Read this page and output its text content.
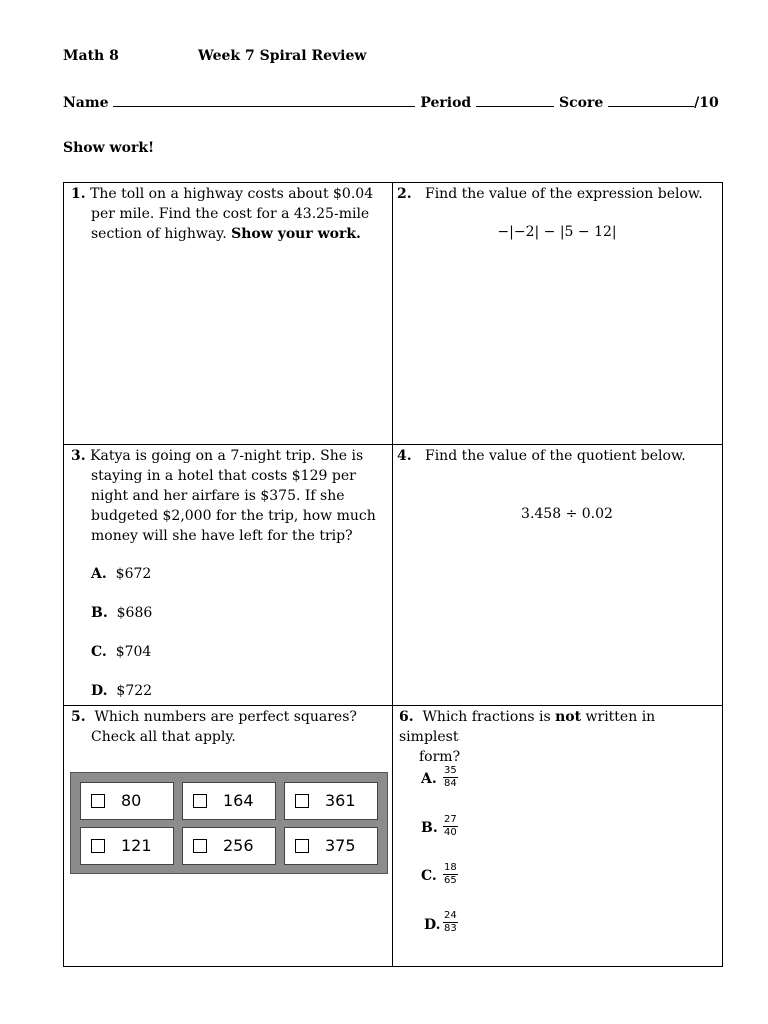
Math 8	Week 7 Spiral Review
Name	Period	Score	/10
Show work!
1. The toll on a highway costs about $0.04
per mile. Find the cost for a 43.25-mile
section of highway. Show your work.
2. Find the value of the expression below.
−|−2| − |5 − 12|
3. Katya is going on a 7-night trip. She is
staying in a hotel that costs $129 per
night and her airfare is $375. If she
budgeted $2,000 for the trip, how much
money will she have left for the trip?
A. $672
B. $686
C. $704
D. $722
4. Find the value of the quotient below.
3.458 ÷ 0.02
5. Which numbers are perfect squares?
Check all that apply.
80	164	361
121	256	375
6. Which fractions is not written in simplest
form?
A. $\frac{35}{84}$
B. $\frac{27}{40}$
C. $\frac{18}{65}$
D. $\frac{24}{83}$
